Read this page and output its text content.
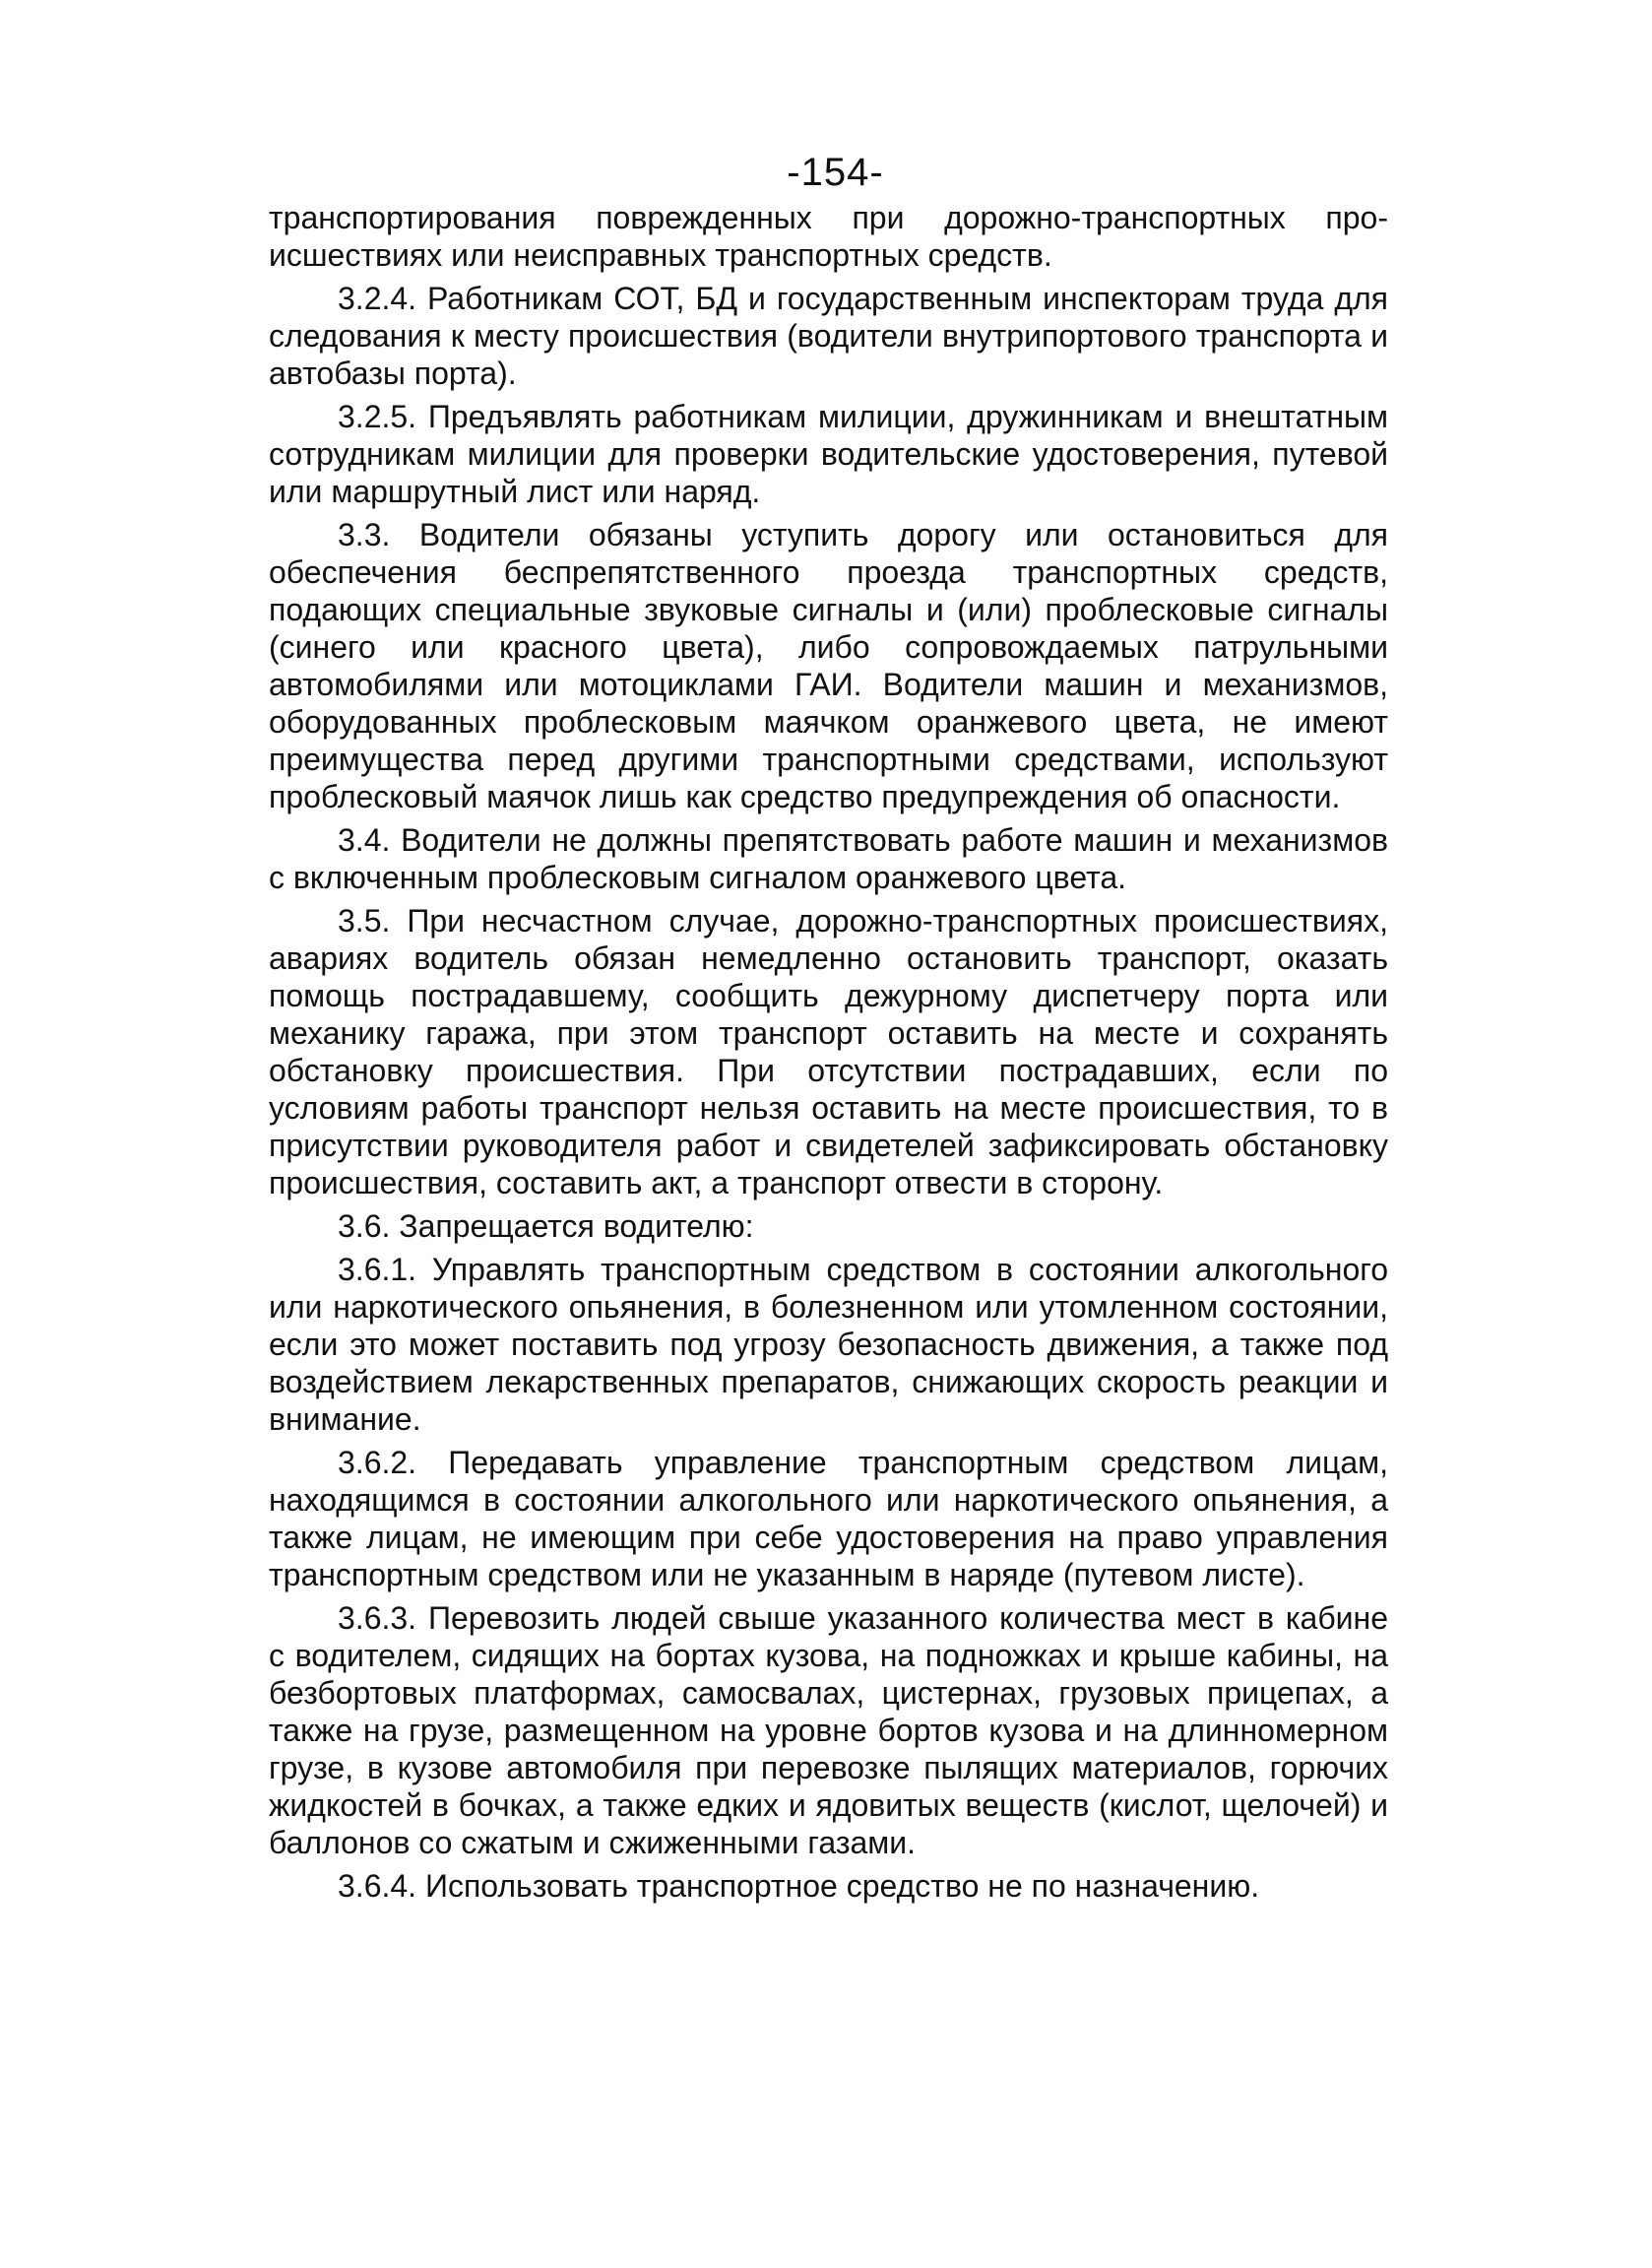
-154-

транспортирования поврежденных при дорожно-транспортных происшествиях или неисправных транспортных средств.

3.2.4. Работникам СОТ, БД и государственным инспекторам труда для следования к месту происшествия (водители внутрипортового транспорта и автобазы порта).

3.2.5. Предъявлять работникам милиции, дружинникам и внештатным сотрудникам милиции для проверки водительские удостоверения, путевой или маршрутный лист или наряд.

3.3. Водители обязаны уступить дорогу или остановиться для обеспечения беспрепятственного проезда транспортных средств, подающих специальные звуковые сигналы и (или) проблесковые сигналы (синего или красного цвета), либо сопровождаемых патрульными автомобилями или мотоциклами ГАИ. Водители машин и механизмов, оборудованных проблесковым маячком оранжевого цвета, не имеют преимущества перед другими транспортными средствами, используют проблесковый маячок лишь как средство предупреждения об опасности.

3.4. Водители не должны препятствовать работе машин и механизмов с включенным проблесковым сигналом оранжевого цвета.

3.5. При несчастном случае, дорожно-транспортных происшествиях, авариях водитель обязан немедленно остановить транспорт, оказать помощь пострадавшему, сообщить дежурному диспетчеру порта или механику гаража, при этом транспорт оставить на месте и сохранять обстановку происшествия. При отсутствии пострадавших, если по условиям работы транспорт нельзя оставить на месте происшествия, то в присутствии руководителя работ и свидетелей зафиксировать обстановку происшествия, составить акт, а транспорт отвести в сторону.

3.6. Запрещается водителю:

3.6.1. Управлять транспортным средством в состоянии алкогольного или наркотического опьянения, в болезненном или утомленном состоянии, если это может поставить под угрозу безопасность движения, а также под воздействием лекарственных препаратов, снижающих скорость реакции и внимание.

3.6.2. Передавать управление транспортным средством лицам, находящимся в состоянии алкогольного или наркотического опьянения, а также лицам, не имеющим при себе удостоверения на право управления транспортным средством или не указанным в наряде (путевом листе).

3.6.3. Перевозить людей свыше указанного количества мест в кабине с водителем, сидящих на бортах кузова, на подножках и крыше кабины, на безбортовых платформах, самосвалах, цистернах, грузовых прицепах, а также на грузе, размещенном на уровне бортов кузова и на длинномерном грузе, в кузове автомобиля при перевозке пылящих материалов, горючих жидкостей в бочках, а также едких и ядовитых веществ (кислот, щелочей) и баллонов со сжатым и сжиженными газами.

3.6.4. Использовать транспортное средство не по назначению.
